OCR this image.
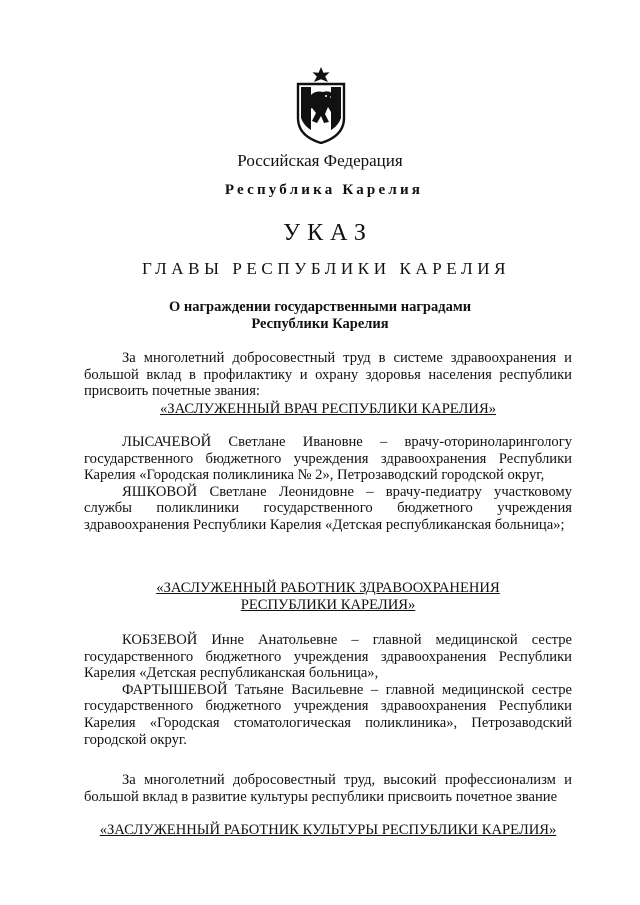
Российская Федерация
Республика Карелия
УКАЗ
ГЛАВЫ РЕСПУБЛИКИ КАРЕЛИЯ
О награждении государственными наградами
Республики Карелия

За многолетний добросовестный труд в системе здравоохранения и большой вклад в профилактику и охрану здоровья населения республики присвоить почетные звания:

«ЗАСЛУЖЕННЫЙ ВРАЧ РЕСПУБЛИКИ КАРЕЛИЯ»

ЛЫСАЧЕВОЙ Светлане Ивановне – врачу-оториноларингологу государственного бюджетного учреждения здравоохранения Республики Карелия «Городская поликлиника № 2», Петрозаводский городской округ,

ЯШКОВОЙ Светлане Леонидовне – врачу-педиатру участковому службы поликлиники государственного бюджетного учреждения здравоохранения Республики Карелия «Детская республиканская больница»;

«ЗАСЛУЖЕННЫЙ РАБОТНИК ЗДРАВООХРАНЕНИЯ
РЕСПУБЛИКИ КАРЕЛИЯ»

КОБЗЕВОЙ Инне Анатольевне – главной медицинской сестре государственного бюджетного учреждения здравоохранения Республики Карелия «Детская республиканская больница»,

ФАРТЫШЕВОЙ Татьяне Васильевне – главной медицинской сестре государственного бюджетного учреждения здравоохранения Республики Карелия «Городская стоматологическая поликлиника», Петрозаводский городской округ.

За многолетний добросовестный труд, высокий профессионализм и большой вклад в развитие культуры республики присвоить почетное звание

«ЗАСЛУЖЕННЫЙ РАБОТНИК КУЛЬТУРЫ РЕСПУБЛИКИ КАРЕЛИЯ»
